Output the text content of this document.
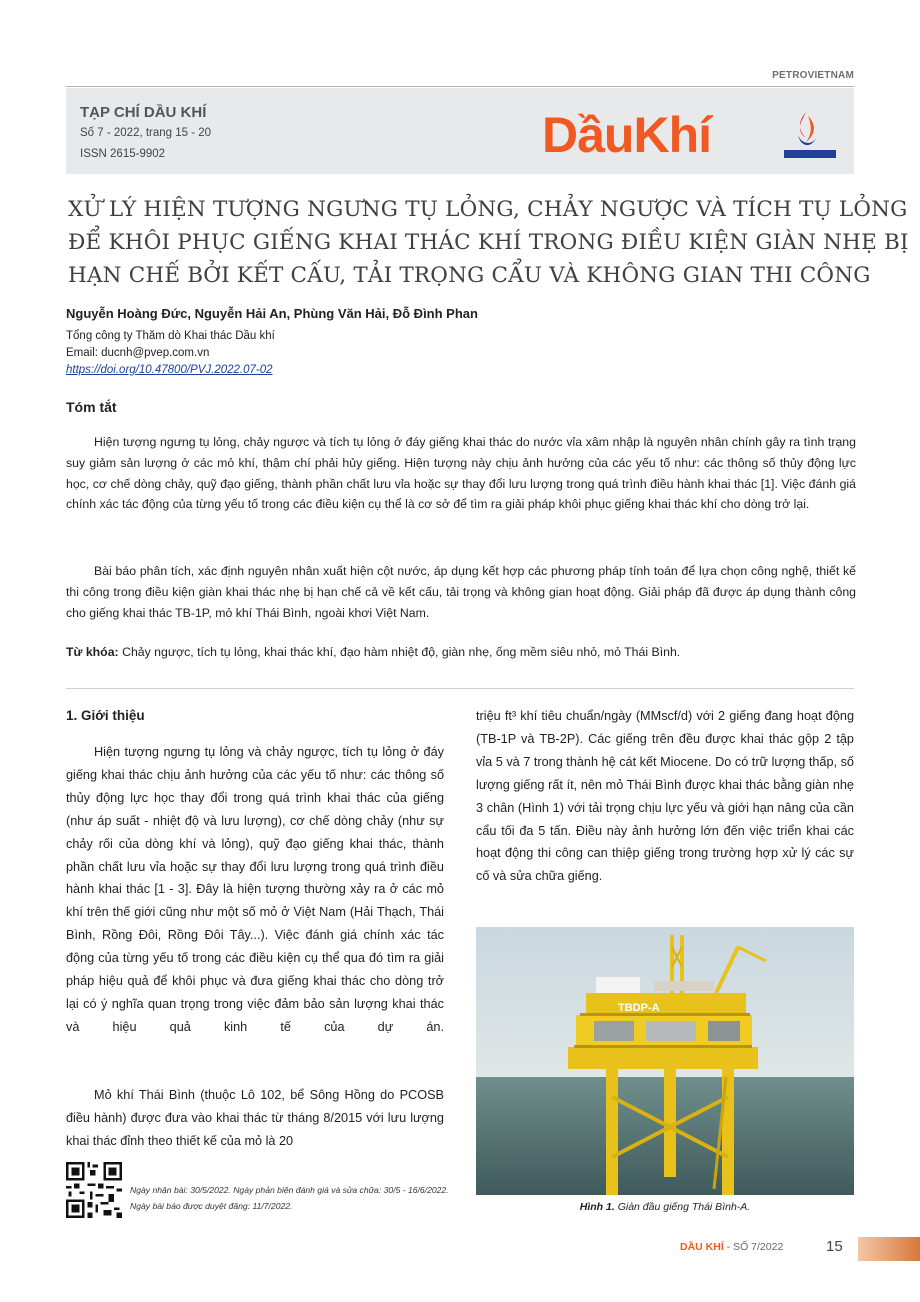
PETROVIETNAM
TẠP CHÍ DẦU KHÍ
Số 7 - 2022, trang 15 - 20
ISSN 2615-9902	DầuKhí
XỬ LÝ HIỆN TƯỢNG NGƯNG TỤ LỎNG, CHẢY NGƯỢC VÀ TÍCH TỤ LỎNG
ĐỂ KHÔI PHỤC GIẾNG KHAI THÁC KHÍ TRONG ĐIỀU KIỆN GIÀN NHẸ BỊ
HẠN CHẾ BỞI KẾT CẤU, TẢI TRỌNG CẨU VÀ KHÔNG GIAN THI CÔNG
Nguyễn Hoàng Đức, Nguyễn Hải An, Phùng Văn Hải, Đỗ Đình Phan
Tổng công ty Thăm dò Khai thác Dầu khí
Email: ducnh@pvep.com.vn
https://doi.org/10.47800/PVJ.2022.07-02
Tóm tắt
Hiện tượng ngưng tụ lỏng, chảy ngược và tích tụ lỏng ở đáy giếng khai thác do nước vỉa xâm nhập là nguyên nhân chính gây ra tình trạng suy giảm sản lượng ở các mỏ khí, thậm chí phải hủy giếng. Hiện tượng này chịu ảnh hưởng của các yếu tố như: các thông số thủy động lực học, cơ chế dòng chảy, quỹ đạo giếng, thành phần chất lưu vỉa hoặc sự thay đổi lưu lượng trong quá trình điều hành khai thác [1]. Việc đánh giá chính xác tác động của từng yếu tố trong các điều kiện cụ thể là cơ sở để tìm ra giải pháp khôi phục giếng khai thác khí cho dòng trở lại.
Bài báo phân tích, xác định nguyên nhân xuất hiện cột nước, áp dụng kết hợp các phương pháp tính toán để lựa chọn công nghệ, thiết kế thi công trong điều kiện giàn khai thác nhẹ bị hạn chế cả về kết cấu, tải trọng và không gian hoạt động. Giải pháp đã được áp dụng thành công cho giếng khai thác TB-1P, mỏ khí Thái Bình, ngoài khơi Việt Nam.
Từ khóa: Chảy ngược, tích tụ lỏng, khai thác khí, đạo hàm nhiệt độ, giàn nhẹ, ống mềm siêu nhỏ, mỏ Thái Bình.
1. Giới thiệu
Hiện tượng ngưng tụ lỏng và chảy ngược, tích tụ lỏng ở đáy giếng khai thác chịu ảnh hưởng của các yếu tố như: các thông số thủy động lực học thay đổi trong quá trình khai thác của giếng (như áp suất - nhiệt độ và lưu lượng), cơ chế dòng chảy (như sự chảy rối của dòng khí và lỏng), quỹ đạo giếng khai thác, thành phần chất lưu vỉa hoặc sự thay đổi lưu lượng trong quá trình điều hành khai thác [1 - 3]. Đây là hiện tượng thường xảy ra ở các mỏ khí trên thế giới cũng như một số mỏ ở Việt Nam (Hải Thạch, Thái Bình, Rồng Đôi, Rồng Đôi Tây...). Việc đánh giá chính xác tác động của từng yếu tố trong các điều kiện cụ thể qua đó tìm ra giải pháp hiệu quả để khôi phục và đưa giếng khai thác cho dòng trở lại có ý nghĩa quan trọng trong việc đảm bảo sản lượng khai thác và hiệu quả kinh tế của dự án.
Mỏ khí Thái Bình (thuộc Lô 102, bể Sông Hồng do PCOSB điều hành) được đưa vào khai thác từ tháng 8/2015 với lưu lượng khai thác đỉnh theo thiết kế của mỏ là 20
triệu ft³ khí tiêu chuẩn/ngày (MMscf/d) với 2 giếng đang hoạt động (TB-1P và TB-2P). Các giếng trên đều được khai thác gộp 2 tập vỉa 5 và 7 trong thành hệ cát kết Miocene. Do có trữ lượng thấp, số lượng giếng rất ít, nên mỏ Thái Bình được khai thác bằng giàn nhẹ 3 chân (Hình 1) với tải trọng chịu lực yếu và giới hạn nâng của cần cẩu tối đa 5 tấn. Điều này ảnh hưởng lớn đến việc triển khai các hoạt động thi công can thiệp giếng trong trường hợp xử lý các sự cố và sửa chữa giếng.
TBDP-A
Hình 1. Giàn đầu giếng Thái Bình-A.
Ngày nhận bài: 30/5/2022. Ngày phản biện đánh giá và sửa chữa: 30/5 - 16/6/2022.
Ngày bài báo được duyệt đăng: 11/7/2022.
DẦU KHÍ - SỐ 7/2022	15
